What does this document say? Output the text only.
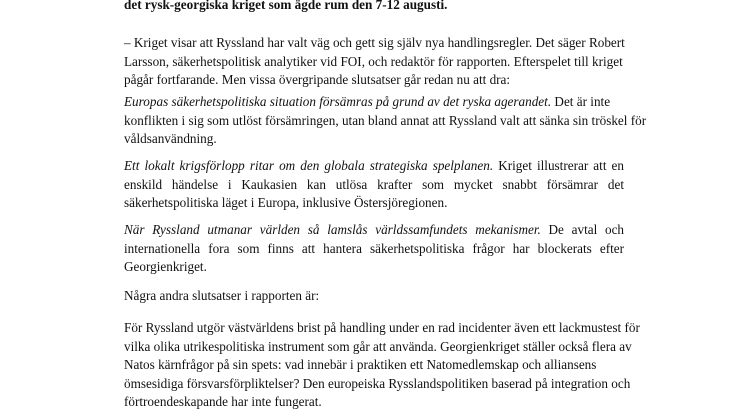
det rysk-georgiska kriget som ägde rum den 7-12 augusti.

– Kriget visar att Ryssland har valt väg och gett sig själv nya handlingsregler. Det säger Robert
Larsson, säkerhetspolitisk analytiker vid FOI, och redaktör för rapporten. Efterspelet till kriget
pågår fortfarande. Men vissa övergripande slutsatser går redan nu att dra:

Europas säkerhetspolitiska situation försämras på grund av det ryska agerandet. Det är inte
konflikten i sig som utlöst försämringen, utan bland annat att Ryssland valt att sänka sin tröskel för
våldsanvändning.

Ett lokalt krigsförlopp ritar om den globala strategiska spelplanen. Kriget illustrerar att en
enskild händelse i Kaukasien kan utlösa krafter som mycket snabbt försämrar det
säkerhetspolitiska läget i Europa, inklusive Östersjöregionen.

När Ryssland utmanar världen så lamslås världssamfundets mekanismer. De avtal och
internationella fora som finns att hantera säkerhetspolitiska frågor har blockerats efter
Georgienkriget.

Några andra slutsatser i rapporten är:

För Ryssland utgör västvärldens brist på handling under en rad incidenter även ett lackmustest för
vilka olika utrikespolitiska instrument som går att använda. Georgienkriget ställer också flera av
Natos kärnfrågor på sin spets: vad innebär i praktiken ett Natomedlemskap och alliansens
ömsesidiga försvarsförpliktelser? Den europeiska Rysslandspolitiken baserad på integration och
förtroendeskapande har inte fungerat.
